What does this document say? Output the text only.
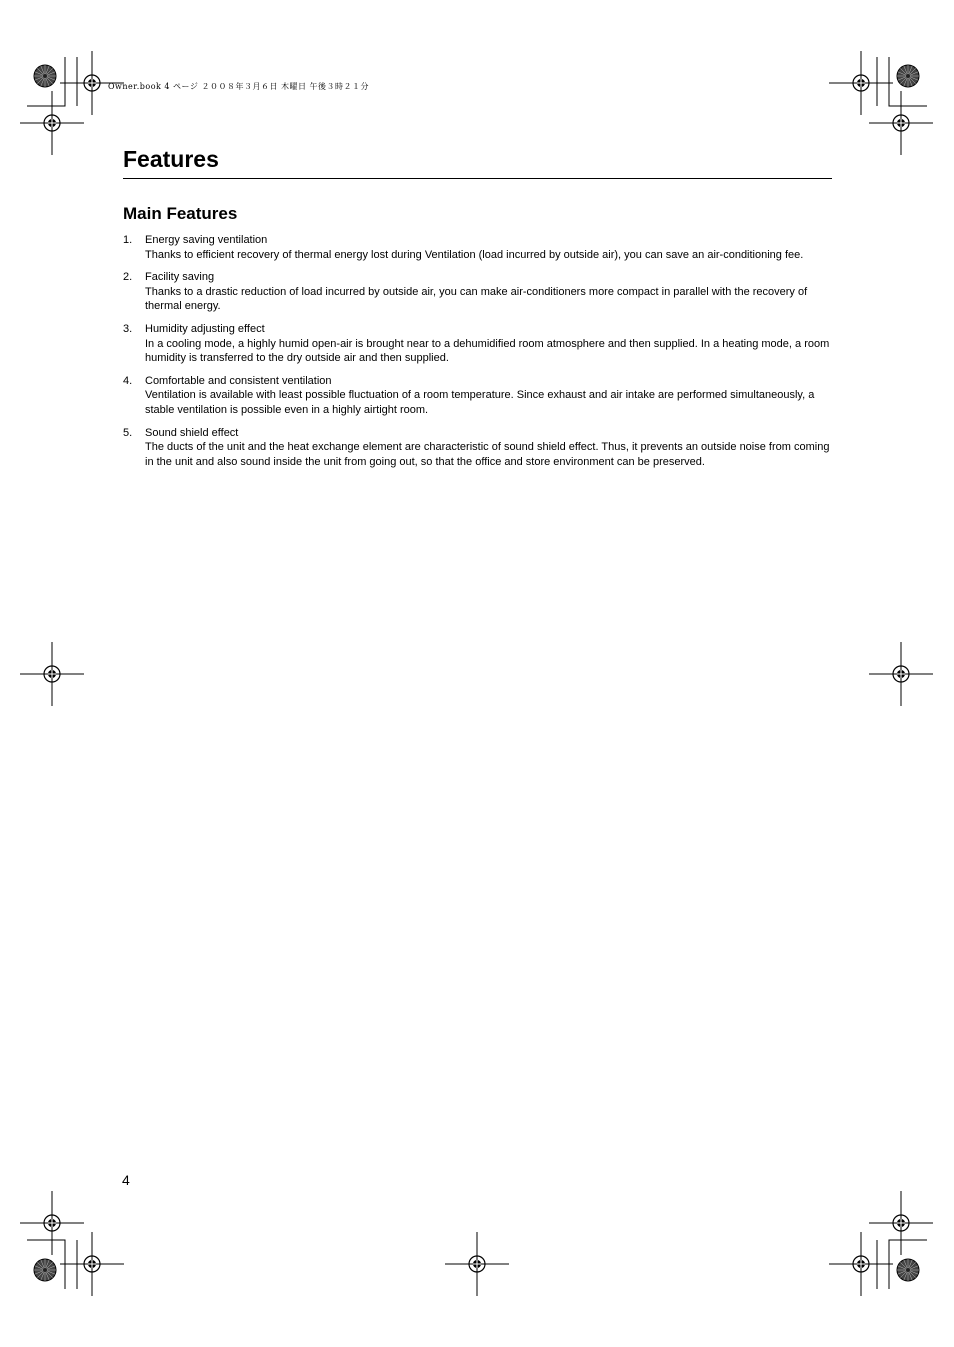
Owner.book 4 ページ ２００８年３月６日 木曜日 午後３時２１分
Features
Main Features
1. Energy saving ventilation
Thanks to efficient recovery of thermal energy lost during Ventilation (load incurred by outside air), you can save an air-conditioning fee.
2. Facility saving
Thanks to a drastic reduction of load incurred by outside air, you can make air-conditioners more compact in parallel with the recovery of thermal energy.
3. Humidity adjusting effect
In a cooling mode, a highly humid open-air is brought near to a dehumidified room atmosphere and then supplied. In a heating mode, a room humidity is transferred to the dry outside air and then supplied.
4. Comfortable and consistent ventilation
Ventilation is available with least possible fluctuation of a room temperature. Since exhaust and air intake are performed simultaneously, a stable ventilation is possible even in a highly airtight room.
5. Sound shield effect
The ducts of the unit and the heat exchange element are characteristic of sound shield effect. Thus, it prevents an outside noise from coming in the unit and also sound inside the unit from going out, so that the office and store environment can be preserved.
4
